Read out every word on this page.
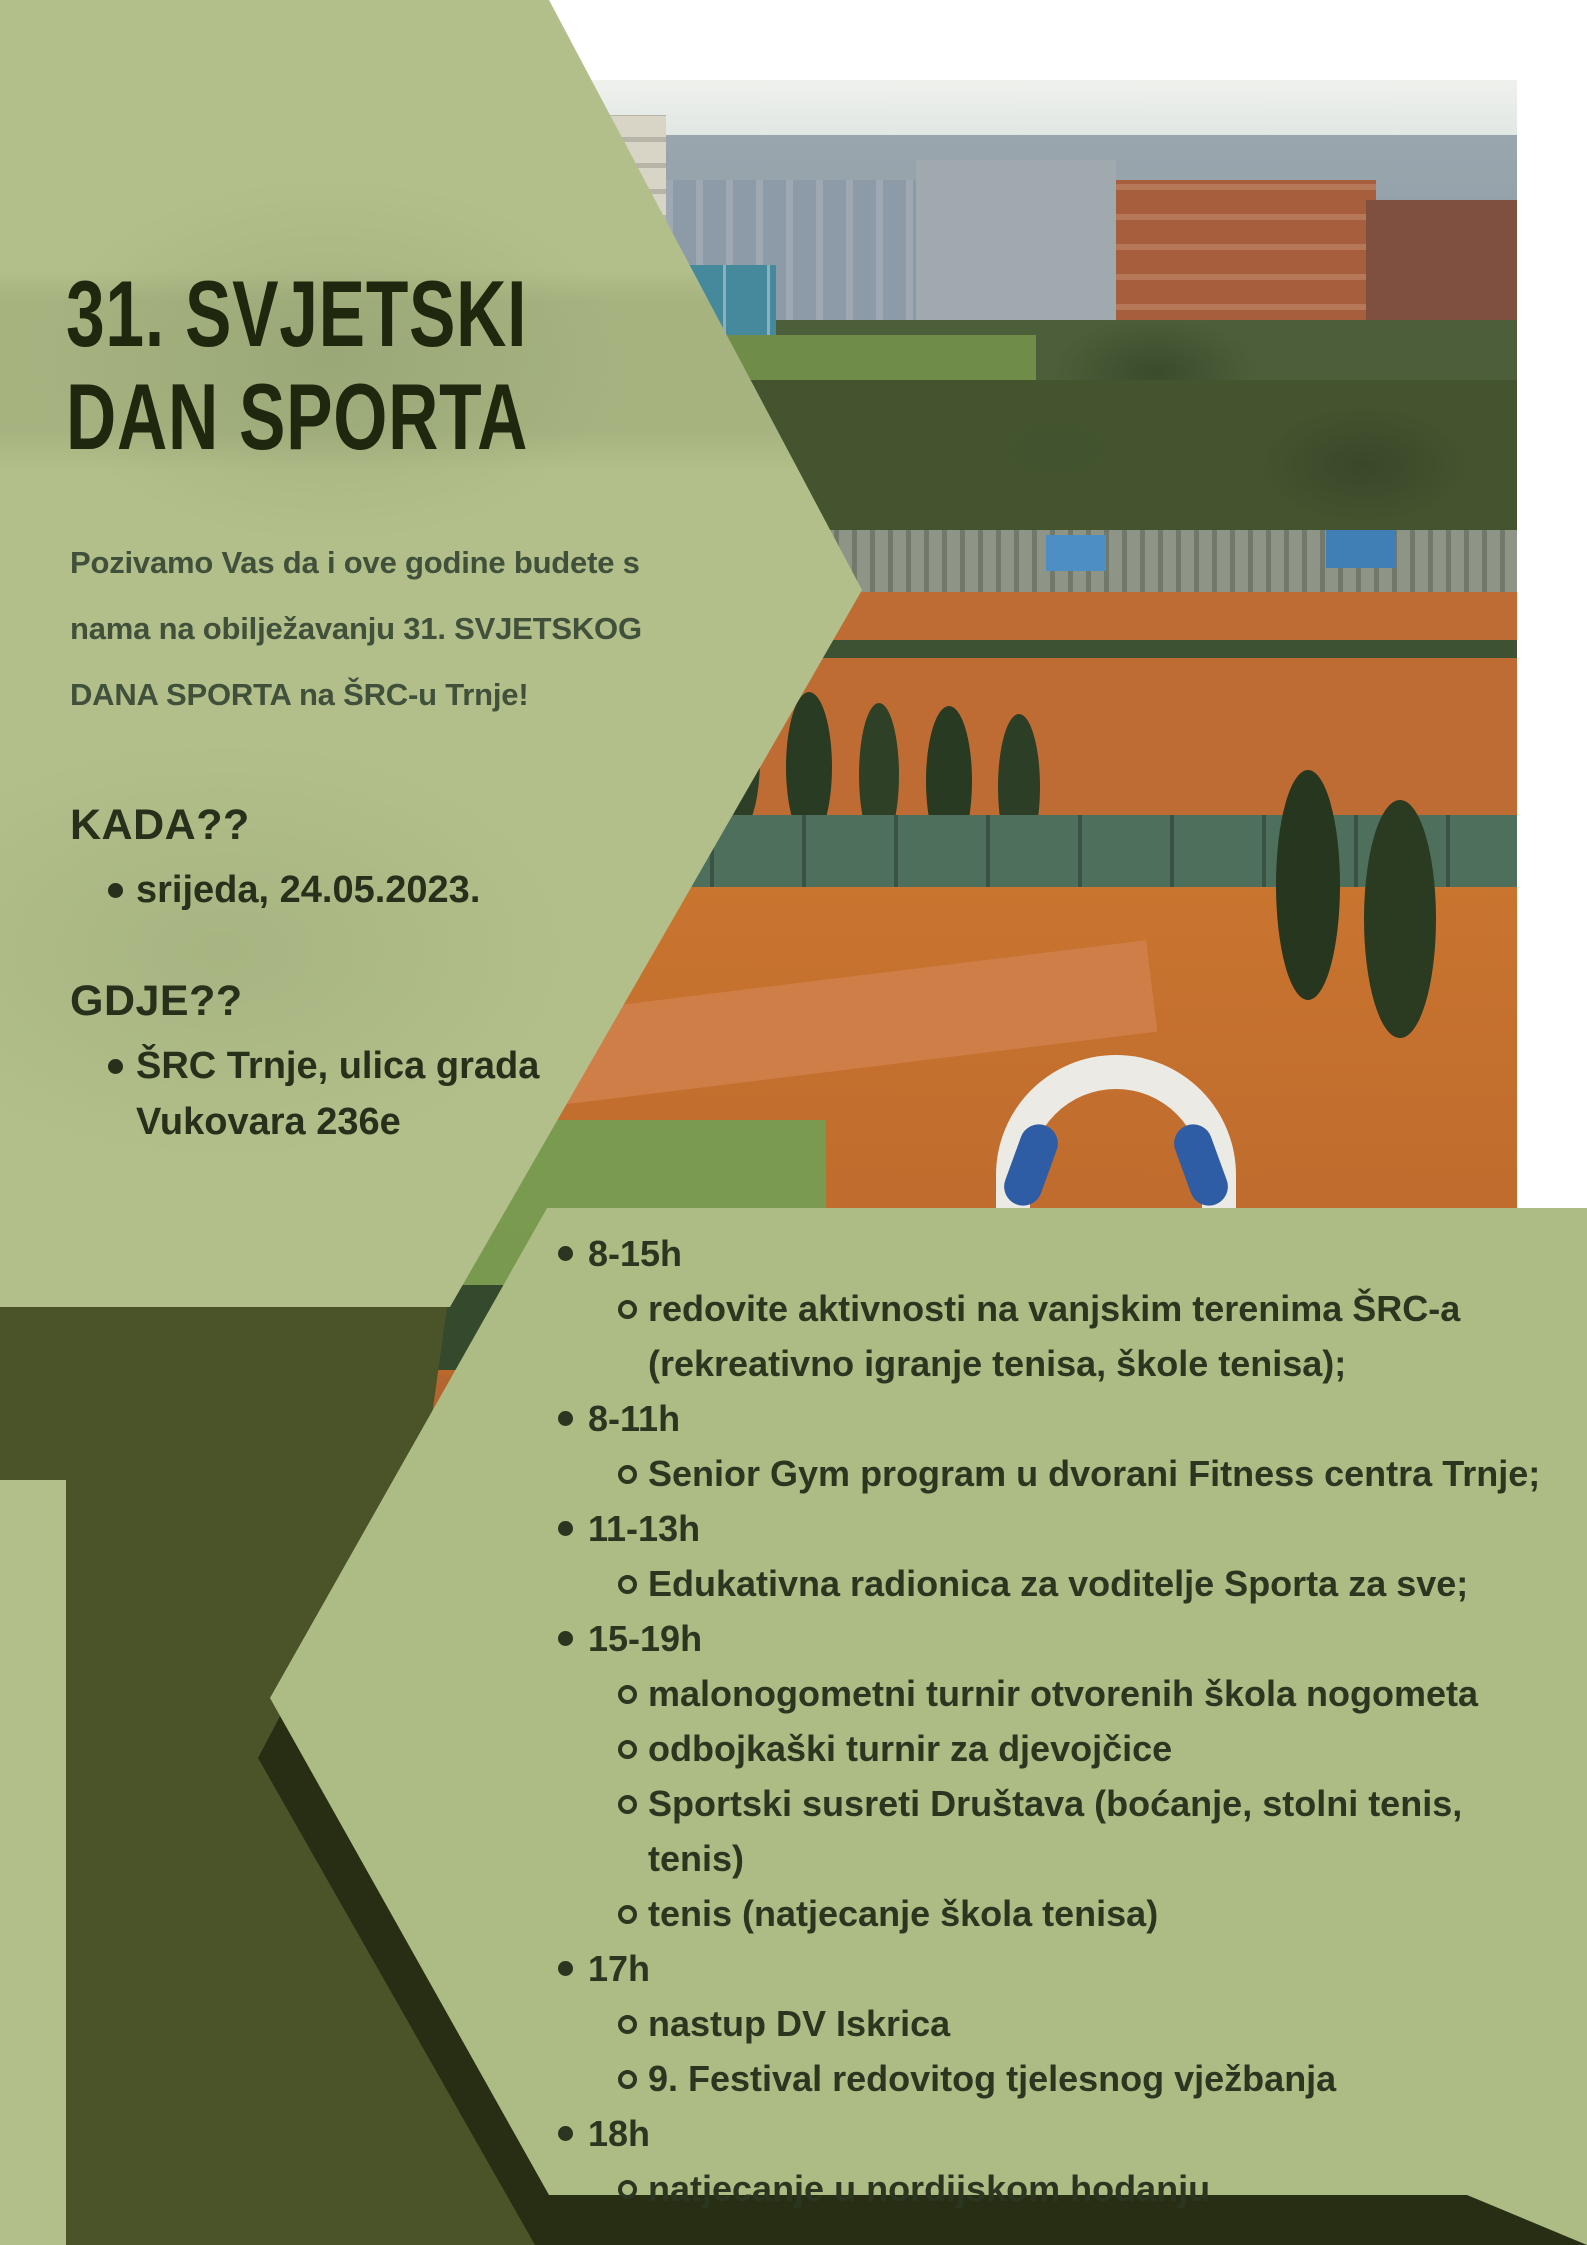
31. SVJETSKI
DAN SPORTA

Pozivamo Vas da i ove godine budete s nama na obilježavanju 31. SVJETSKOG DANA SPORTA na ŠRC-u Trnje!

KADA??
srijeda, 24.05.2023.
GDJE??
ŠRC Trnje, ulica grada Vukovara 236e
8-15h
redovite aktivnosti na vanjskim terenima ŠRC-a (rekreativno igranje tenisa, škole tenisa);
8-11h
Senior Gym program u dvorani Fitness centra Trnje;
11-13h
Edukativna radionica za voditelje Sporta za sve;
15-19h
malonogometni turnir otvorenih škola nogometa
odbojkaški turnir za djevojčice
Sportski susreti Društava (boćanje, stolni tenis, tenis)
tenis (natjecanje škola tenisa)
17h
nastup DV Iskrica
9. Festival redovitog tjelesnog vježbanja
18h
natjecanje u nordijskom hodanju
